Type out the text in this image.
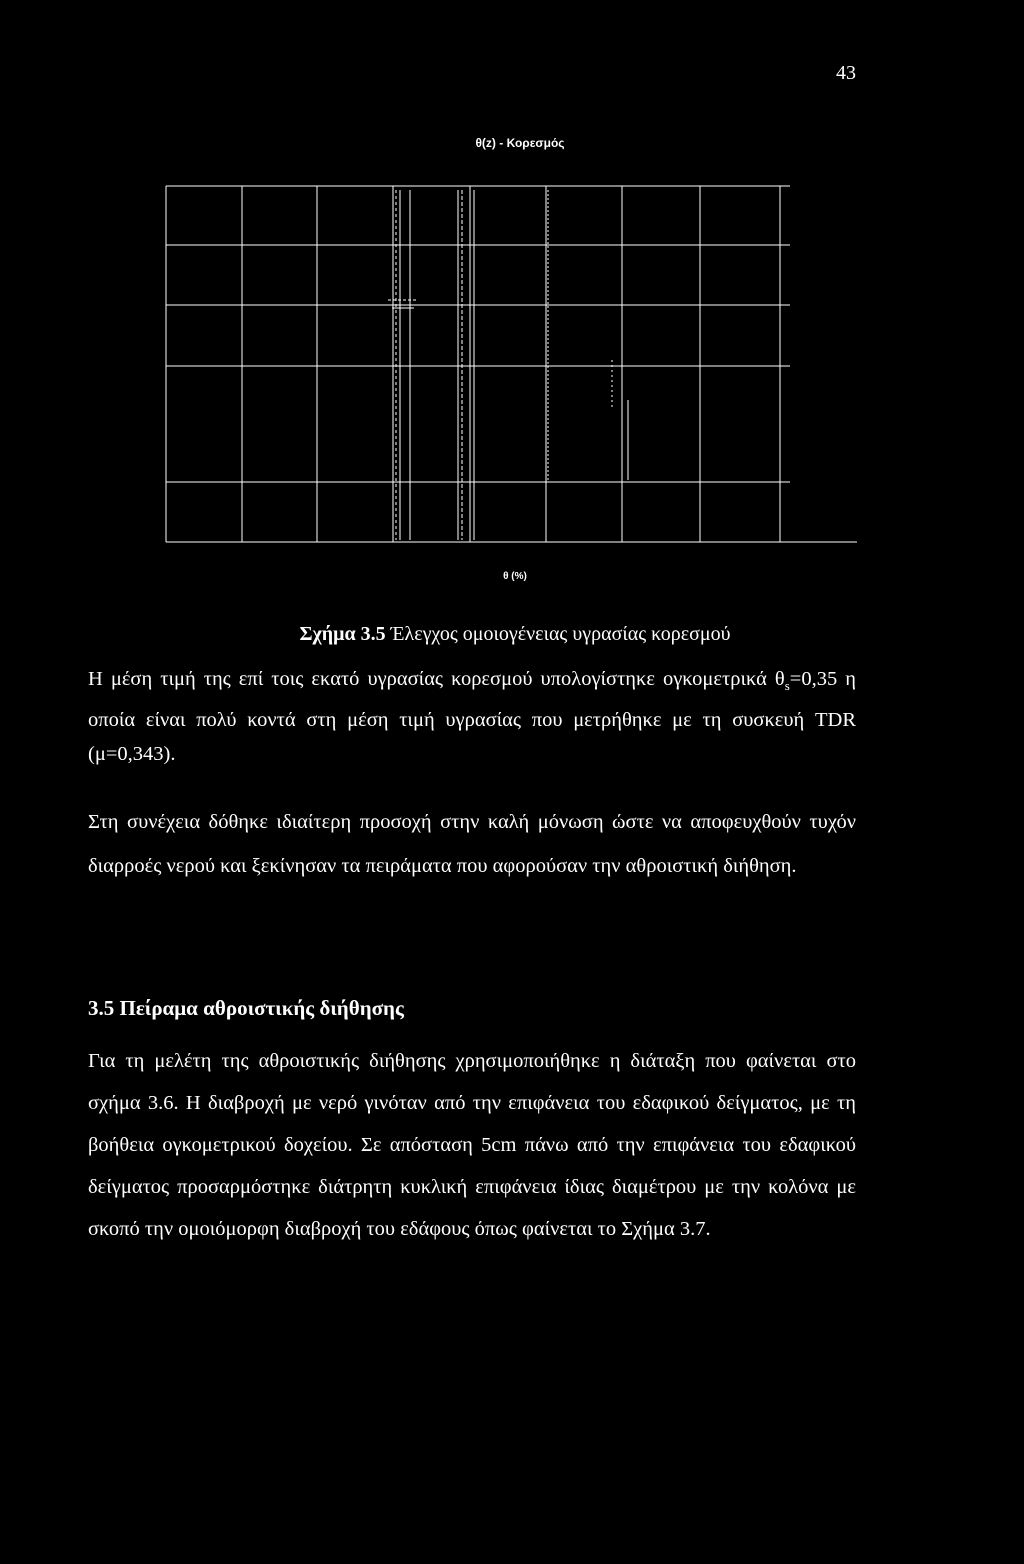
43
θ(z) - Κορεσμός
θ (%)
Σχήμα 3.5 Έλεγχος ομοιογένειας υγρασίας κορεσμού
Η μέση τιμή της επί τοις εκατό υγρασίας κορεσμού υπολογίστηκε ογκομετρικά $\theta_s=0,35$ η οποία είναι πολύ κοντά στη μέση τιμή υγρασίας που μετρήθηκε με τη συσκευή TDR (μ=0,343).
Στη συνέχεια δόθηκε ιδιαίτερη προσοχή στην καλή μόνωση ώστε να αποφευχθούν τυχόν διαρροές νερού και ξεκίνησαν τα πειράματα που αφορούσαν την αθροιστική διήθηση.
3.5 Πείραμα αθροιστικής διήθησης
Για τη μελέτη της αθροιστικής διήθησης χρησιμοποιήθηκε η διάταξη που φαίνεται στο σχήμα 3.6. Η διαβροχή με νερό γινόταν από την επιφάνεια του εδαφικού δείγματος, με τη βοήθεια ογκομετρικού δοχείου. Σε απόσταση 5cm πάνω από την επιφάνεια του εδαφικού δείγματος προσαρμόστηκε διάτρητη κυκλική επιφάνεια ίδιας διαμέτρου με την κολόνα με σκοπό την ομοιόμορφη διαβροχή του εδάφους όπως φαίνεται το Σχήμα 3.7.
